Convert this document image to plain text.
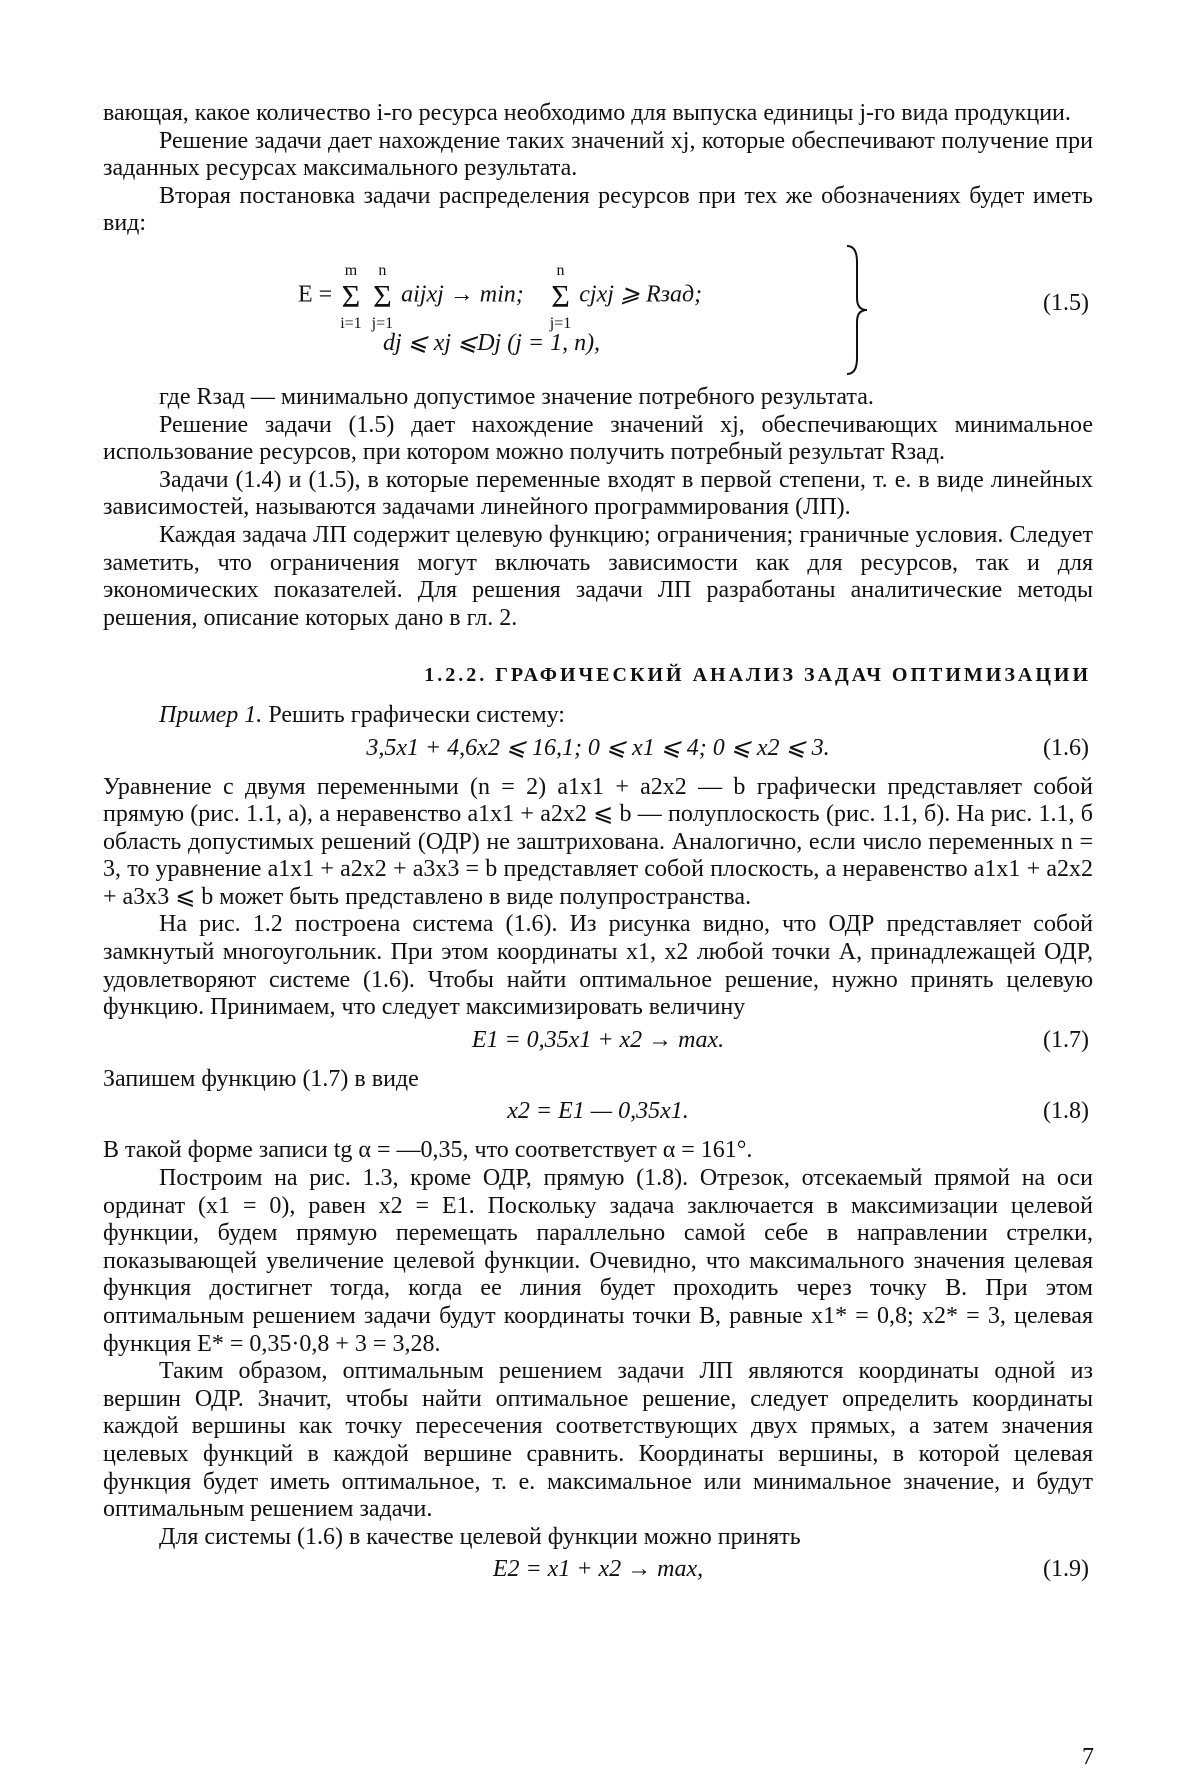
вающая, какое количество i-го ресурса необходимо для выпуска единицы j-го вида продукции.

Решение задачи дает нахождение таких значений xj, которые обеспечивают получение при заданных ресурсах максимального результата.

Вторая постановка задачи распределения ресурсов при тех же обозначениях будет иметь вид:

E = m
Σ
i=1 n
Σ
j=1 aijxj → min;    n
Σ
j=1 cjxj ⩾ Rзад;
dj ⩽ xj ⩽Dj (j = 1, n),
(1.5)

где Rзад — минимально допустимое значение потребного результата.

Решение задачи (1.5) дает нахождение значений xj, обеспечивающих минимальное использование ресурсов, при котором можно получить потребный результат Rзад.

Задачи (1.4) и (1.5), в которые переменные входят в первой степени, т. е. в виде линейных зависимостей, называются задачами линейного программирования (ЛП).

Каждая задача ЛП содержит целевую функцию; ограничения; граничные условия. Следует заметить, что ограничения могут включать зависимости как для ресурсов, так и для экономических показателей. Для решения задачи ЛП разработаны аналитические методы решения, описание которых дано в гл. 2.

1.2.2. ГРАФИЧЕСКИЙ АНАЛИЗ ЗАДАЧ ОПТИМИЗАЦИИ

Пример 1. Решить графически систему:

3,5x1 + 4,6x2 ⩽ 16,1; 0 ⩽ x1 ⩽ 4; 0 ⩽ x2 ⩽ 3.	(1.6)

Уравнение с двумя переменными (n = 2) a1x1 + a2x2 — b графически представляет собой прямую (рис. 1.1, а), а неравенство a1x1 + a2x2 ⩽ b — полуплоскость (рис. 1.1, б). На рис. 1.1, б область допустимых решений (ОДР) не заштрихована. Аналогично, если число переменных n = 3, то уравнение a1x1 + a2x2 + a3x3 = b представляет собой плоскость, а неравенство a1x1 + a2x2 + a3x3 ⩽ b может быть представлено в виде полупространства.

На рис. 1.2 построена система (1.6). Из рисунка видно, что ОДР представляет собой замкнутый многоугольник. При этом координаты x1, x2 любой точки A, принадлежащей ОДР, удовлетворяют системе (1.6). Чтобы найти оптимальное решение, нужно принять целевую функцию. Принимаем, что следует максимизировать величину

E1 = 0,35x1 + x2 → max.	(1.7)

Запишем функцию (1.7) в виде

x2 = E1 — 0,35x1.	(1.8)

В такой форме записи tg α = —0,35, что соответствует α = 161°.

Построим на рис. 1.3, кроме ОДР, прямую (1.8). Отрезок, отсекаемый прямой на оси ординат (x1 = 0), равен x2 = E1. Поскольку задача заключается в максимизации целевой функции, будем прямую перемещать параллельно самой себе в направлении стрелки, показывающей увеличение целевой функции. Очевидно, что максимального значения целевая функция достигнет тогда, когда ее линия будет проходить через точку B. При этом оптимальным решением задачи будут координаты точки B, равные x1* = 0,8; x2* = 3, целевая функция E* = 0,35·0,8 + 3 = 3,28.

Таким образом, оптимальным решением задачи ЛП являются координаты одной из вершин ОДР. Значит, чтобы найти оптимальное решение, следует определить координаты каждой вершины как точку пересечения соответствующих двух прямых, а затем значения целевых функций в каждой вершине сравнить. Координаты вершины, в которой целевая функция будет иметь оптимальное, т. е. максимальное или минимальное значение, и будут оптимальным решением задачи.

Для системы (1.6) в качестве целевой функции можно принять

E2 = x1 + x2 → max,	(1.9)
7
